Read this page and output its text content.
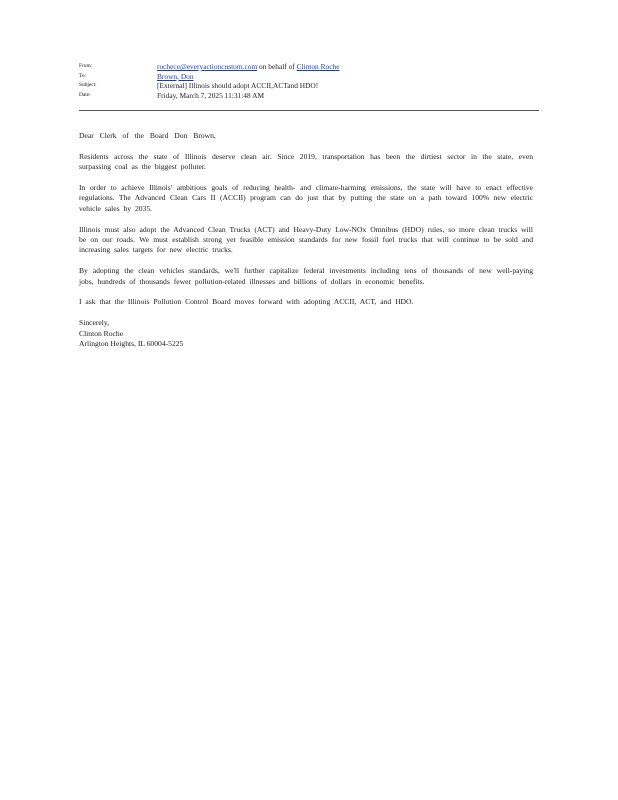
From:	rochece@everyactioncustom.com on behalf of Clinton Roche
To:	Brown, Don
Subject:	[External] Illinois should adopt ACCII,ACTand HDO!
Date:	Friday, March 7, 2025 11:31:48 AM

Dear Clerk of the Board Don Brown,

Residents across the state of Illinois deserve clean air. Since 2019, transportation has been the dirtiest sector in the state, even surpassing coal as the biggest polluter.

In order to achieve Illinois' ambitious goals of reducing health- and climate-harming emissions, the state will have to enact effective regulations. The Advanced Clean Cars II (ACCII) program can do just that by putting the state on a path toward 100% new electric vehicle sales by 2035.

Illinois must also adopt the Advanced Clean Trucks (ACT) and Heavy-Duty Low-NOx Omnibus (HDO) rules, so more clean trucks will be on our roads. We must establish strong yet feasible emission standards for new fossil fuel trucks that will continue to be sold and increasing sales targets for new electric trucks.

By adopting the clean vehicles standards, we'll further capitalize federal investments including tens of thousands of new well-paying jobs, hundreds of thousands fewer pollution-related illnesses and billions of dollars in economic benefits.

I ask that the Illinois Pollution Control Board moves forward with adopting ACCII, ACT, and HDO.

Sincerely,
Clinton Roche
Arlington Heights, IL 60004-5225
